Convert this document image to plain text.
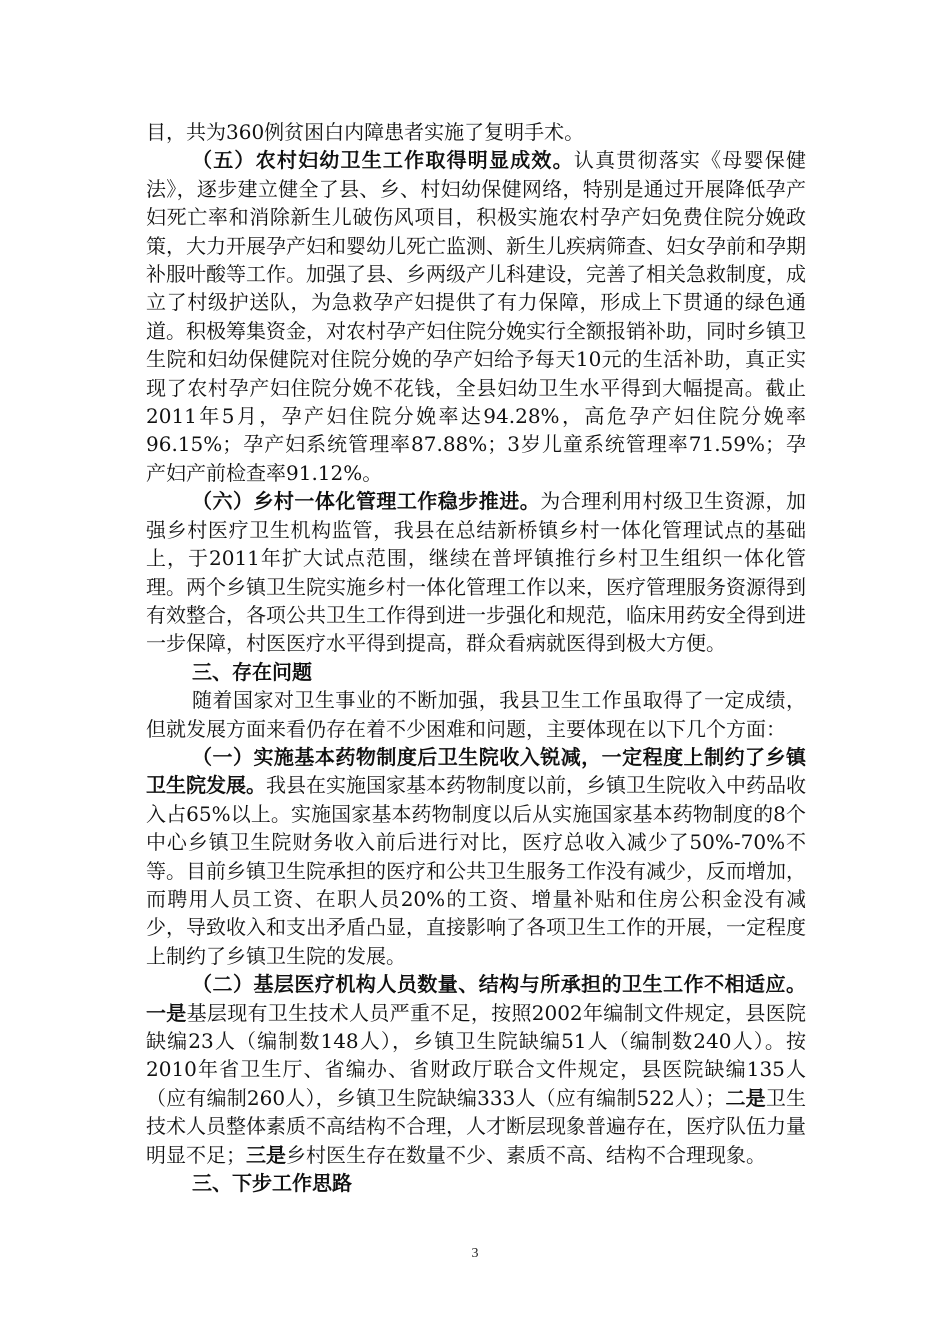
目，共为360例贫困白内障患者实施了复明手术。

（五）农村妇幼卫生工作取得明显成效。认真贯彻落实《母婴保健法》，逐步建立健全了县、乡、村妇幼保健网络，特别是通过开展降低孕产妇死亡率和消除新生儿破伤风项目，积极实施农村孕产妇免费住院分娩政策，大力开展孕产妇和婴幼儿死亡监测、新生儿疾病筛查、妇女孕前和孕期补服叶酸等工作。加强了县、乡两级产儿科建设，完善了相关急救制度，成立了村级护送队，为急救孕产妇提供了有力保障，形成上下贯通的绿色通道。积极筹集资金，对农村孕产妇住院分娩实行全额报销补助，同时乡镇卫生院和妇幼保健院对住院分娩的孕产妇给予每天10元的生活补助，真正实现了农村孕产妇住院分娩不花钱，全县妇幼卫生水平得到大幅提高。截止2011年5月，孕产妇住院分娩率达94.28%，高危孕产妇住院分娩率96.15%；孕产妇系统管理率87.88%；3岁儿童系统管理率71.59%；孕产妇产前检查率91.12%。

（六）乡村一体化管理工作稳步推进。为合理利用村级卫生资源，加强乡村医疗卫生机构监管，我县在总结新桥镇乡村一体化管理试点的基础上，于2011年扩大试点范围，继续在普坪镇推行乡村卫生组织一体化管理。两个乡镇卫生院实施乡村一体化管理工作以来，医疗管理服务资源得到有效整合，各项公共卫生工作得到进一步强化和规范，临床用药安全得到进一步保障，村医医疗水平得到提高，群众看病就医得到极大方便。

三、存在问题

随着国家对卫生事业的不断加强，我县卫生工作虽取得了一定成绩，但就发展方面来看仍存在着不少困难和问题，主要体现在以下几个方面：

（一）实施基本药物制度后卫生院收入锐减，一定程度上制约了乡镇卫生院发展。我县在实施国家基本药物制度以前，乡镇卫生院收入中药品收入占65%以上。实施国家基本药物制度以后从实施国家基本药物制度的8个中心乡镇卫生院财务收入前后进行对比，医疗总收入减少了50%-70%不等。目前乡镇卫生院承担的医疗和公共卫生服务工作没有减少，反而增加，而聘用人员工资、在职人员20%的工资、增量补贴和住房公积金没有减少，导致收入和支出矛盾凸显，直接影响了各项卫生工作的开展，一定程度上制约了乡镇卫生院的发展。

（二）基层医疗机构人员数量、结构与所承担的卫生工作不相适应。一是基层现有卫生技术人员严重不足，按照2002年编制文件规定，县医院缺编23人（编制数148人），乡镇卫生院缺编51人（编制数240人）。按2010年省卫生厅、省编办、省财政厅联合文件规定，县医院缺编135人（应有编制260人），乡镇卫生院缺编333人（应有编制522人）；二是卫生技术人员整体素质不高结构不合理，人才断层现象普遍存在，医疗队伍力量明显不足；三是乡村医生存在数量不少、素质不高、结构不合理现象。

三、下步工作思路
3
